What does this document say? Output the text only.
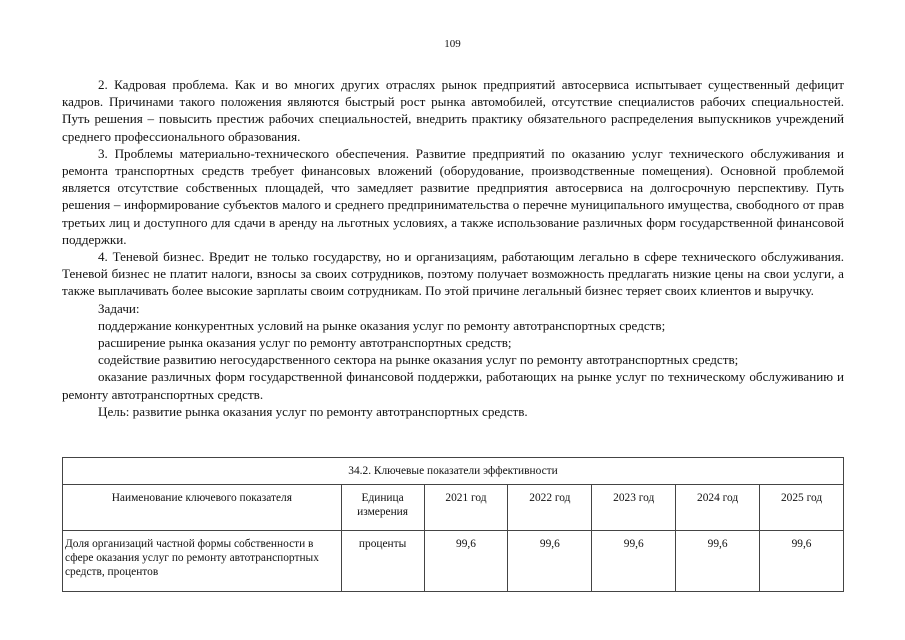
109

2. Кадровая проблема. Как и во многих других отраслях рынок предприятий автосервиса испытывает существенный дефицит кадров. Причинами такого положения являются быстрый рост рынка автомобилей, отсутствие специалистов рабочих специальностей. Путь решения – повысить престиж рабочих специальностей, внедрить практику обязательного распределения выпускников учреждений среднего профессионального образования.

3. Проблемы материально-технического обеспечения. Развитие предприятий по оказанию услуг технического обслуживания и ремонта транспортных средств требует финансовых вложений (оборудование, производственные помещения). Основной проблемой является отсутствие собственных площадей, что замедляет развитие предприятия автосервиса на долгосрочную перспективу. Путь решения – информирование субъектов малого и среднего предпринимательства о перечне муниципального имущества, свободного от прав третьих лиц и доступного для сдачи в аренду на льготных условиях, а также использование различных форм государственной финансовой поддержки.

4. Теневой бизнес. Вредит не только государству, но и организациям, работающим легально в сфере технического обслуживания. Теневой бизнес не платит налоги, взносы за своих сотрудников, поэтому получает возможность предлагать низкие цены на свои услуги, а также выплачивать более высокие зарплаты своим сотрудникам. По этой причине легальный бизнес теряет своих клиентов и выручку.

Задачи:

поддержание конкурентных условий на рынке оказания услуг по ремонту автотранспортных средств;

расширение рынка оказания услуг по ремонту автотранспортных средств;

содействие развитию негосударственного сектора на рынке оказания услуг по ремонту автотранспортных средств;

оказание различных форм государственной финансовой поддержки, работающих на рынке услуг по техническому обслуживанию и ремонту автотранспортных средств.

Цель: развитие рынка оказания услуг по ремонту автотранспортных средств.

34.2. Ключевые показатели эффективности						
Наименование ключевого показателя	Единица измерения	2021 год	2022 год	2023 год	2024 год	2025 год
Доля организаций частной формы собственности в сфере оказания услуг по ремонту автотранспортных средств, процентов	проценты	99,6	99,6	99,6	99,6	99,6
